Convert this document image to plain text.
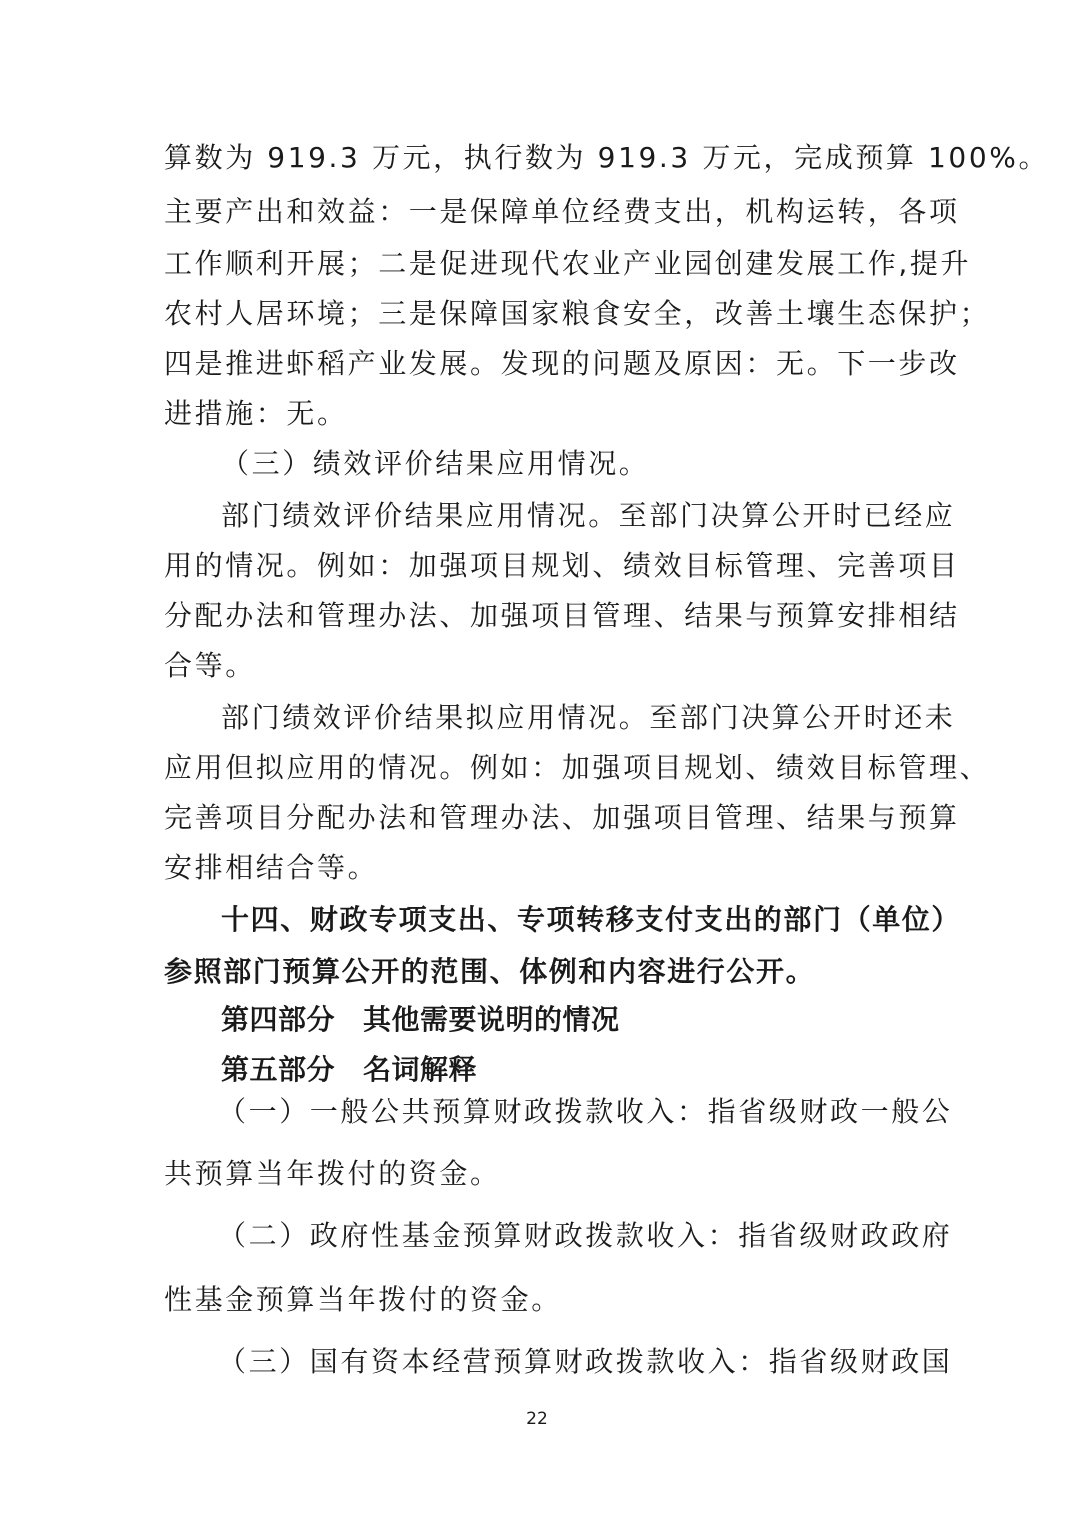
算数为 919.3 万元，执行数为 919.3 万元，完成预算 100%。
主要产出和效益：一是保障单位经费支出，机构运转，各项
工作顺利开展；二是促进现代农业产业园创建发展工作,提升
农村人居环境；三是保障国家粮食安全，改善土壤生态保护；
四是推进虾稻产业发展。发现的问题及原因：无。下一步改
进措施：无。
（三）绩效评价结果应用情况。
部门绩效评价结果应用情况。至部门决算公开时已经应
用的情况。例如：加强项目规划、绩效目标管理、完善项目
分配办法和管理办法、加强项目管理、结果与预算安排相结
合等。
部门绩效评价结果拟应用情况。至部门决算公开时还未
应用但拟应用的情况。例如：加强项目规划、绩效目标管理、
完善项目分配办法和管理办法、加强项目管理、结果与预算
安排相结合等。
十四、财政专项支出、专项转移支付支出的部门（单位）
参照部门预算公开的范围、体例和内容进行公开。
第四部分 其他需要说明的情况
第五部分 名词解释
（一）一般公共预算财政拨款收入：指省级财政一般公
共预算当年拨付的资金。
（二）政府性基金预算财政拨款收入：指省级财政政府
性基金预算当年拨付的资金。
（三）国有资本经营预算财政拨款收入：指省级财政国
22
